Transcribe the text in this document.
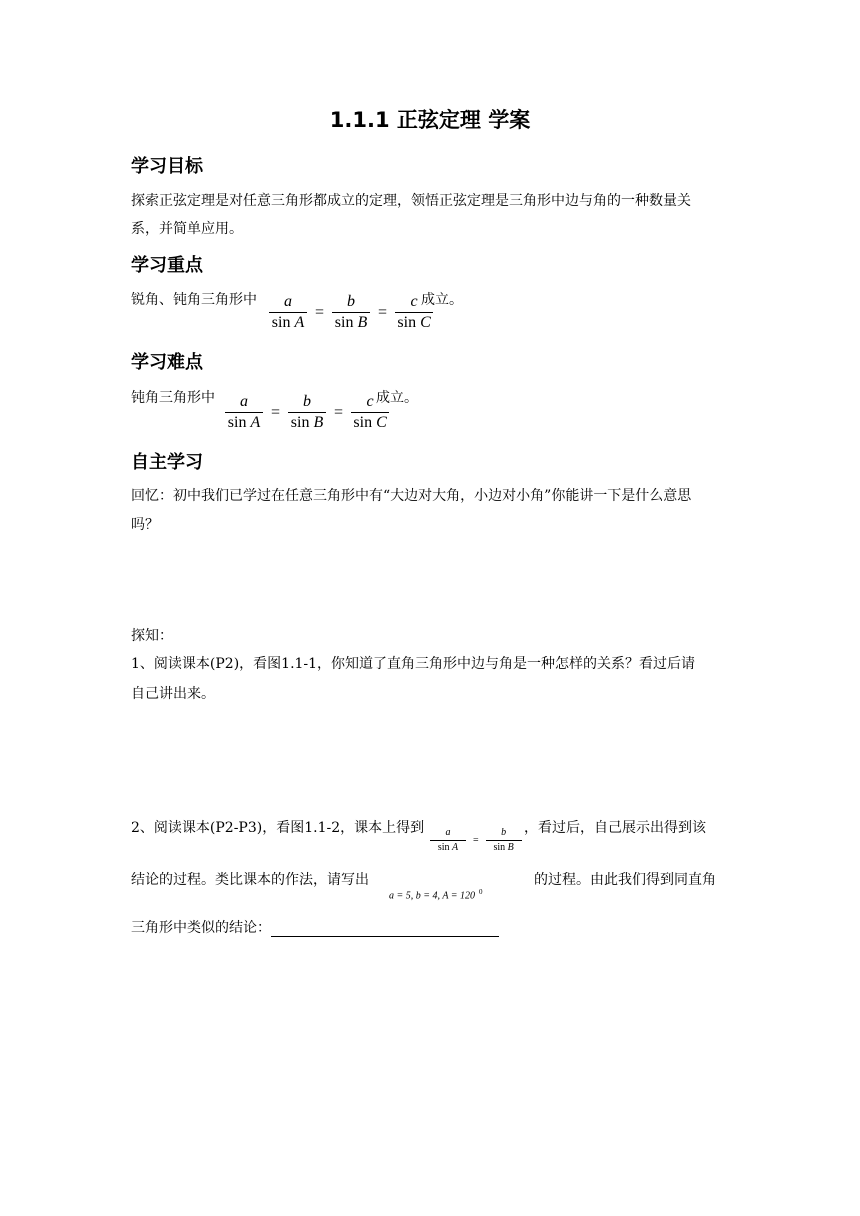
1.1.1 正弦定理 学案
学习目标
探索正弦定理是对任意三角形都成立的定理，领悟正弦定理是三角形中边与角的一种数量关
系，并简单应用。
学习重点
锐角、钝角三角形中 $\frac{a}{\text{sin A}} = \frac{b}{\text{sin B}} = \frac{c}{\text{sin C}}$
成立。
学习难点
钝角三角形中 $\frac{a}{\text{sin A}} = \frac{b}{\text{sin B}} = \frac{c}{\text{sin C}}$
成立。
自主学习
回忆：初中我们已学过在任意三角形中有“大边对大角，小边对小角”你能讲一下是什么意思
吗？
探知：
1、阅读课本(P2)，看图1.1-1，你知道了直角三角形中边与角是一种怎样的关系？看过后请
自己讲出来。
2、阅读课本(P2-P3)，看图1.1-2，课本上得到 $\frac{a}{\text{sin A}} = \frac{b}{\text{sin B}}$ ，看过后，自己展示出得到该
结论的过程。类比课本的作法，请写出
a = 5, b = 4, A = 120 $^0$
的过程。由此我们得到同直角
三角形中类似的结论：
